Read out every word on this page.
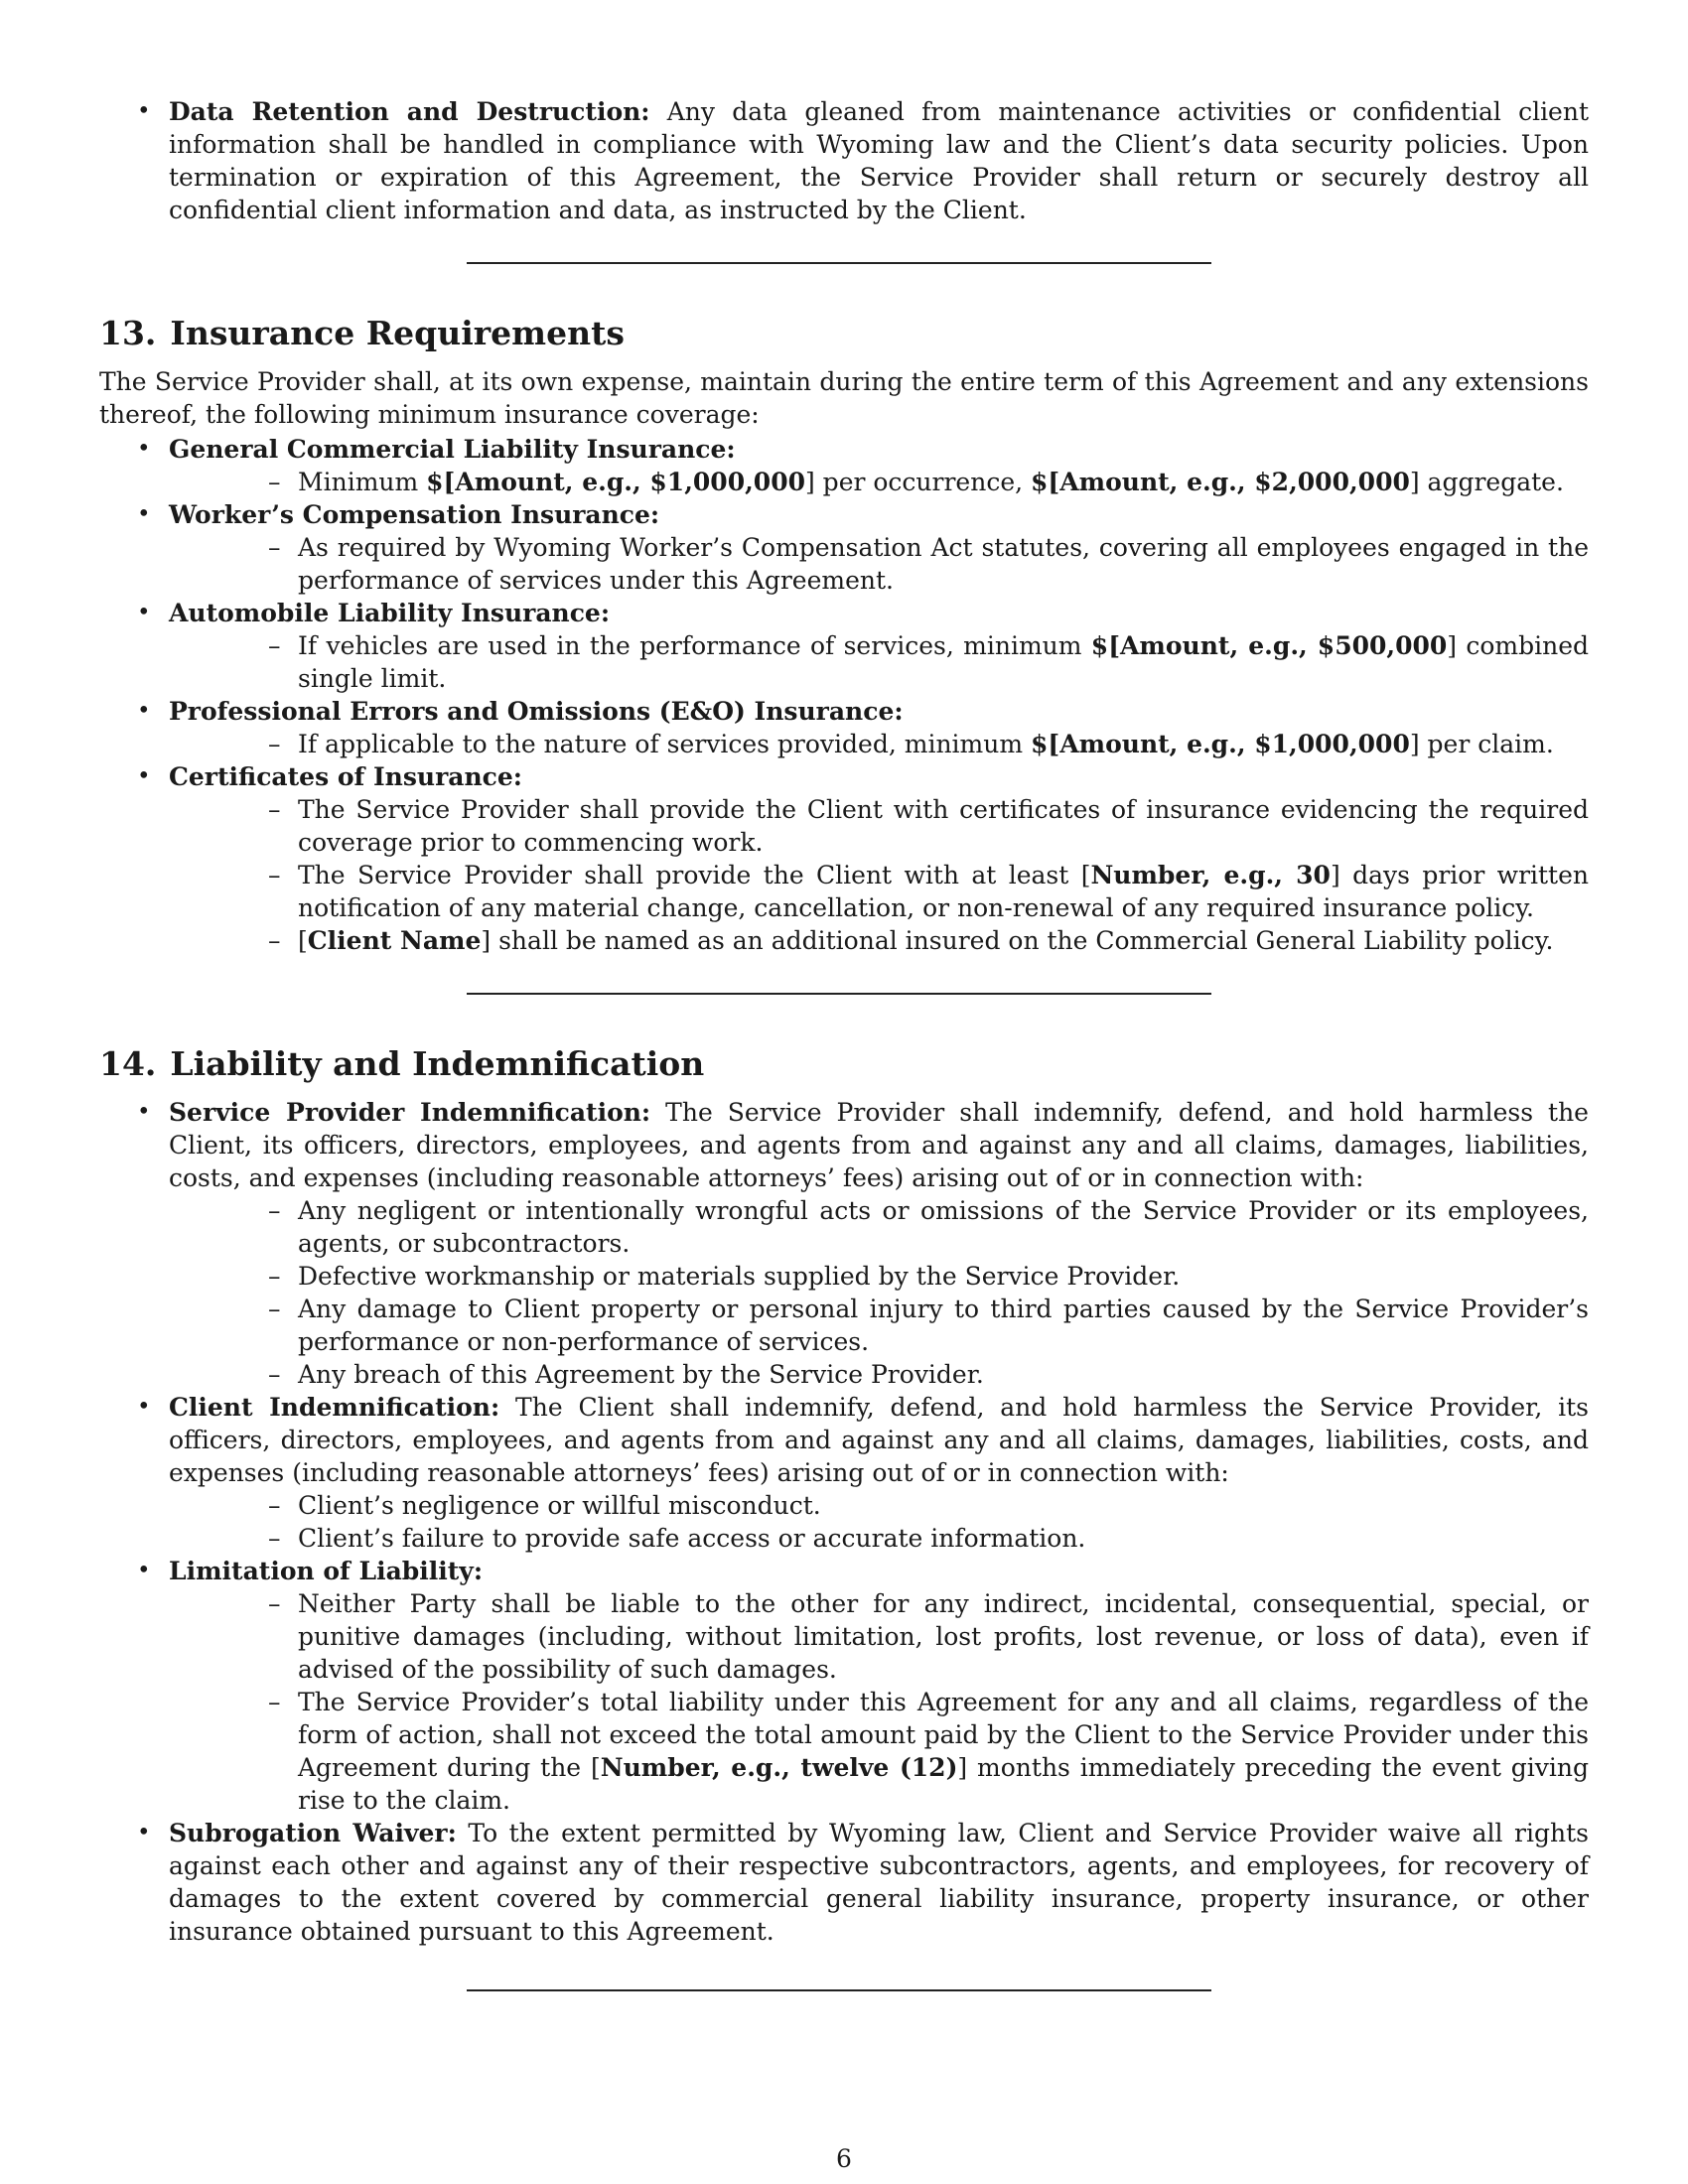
• Data Retention and Destruction: Any data gleaned from maintenance activities or confidential client information shall be handled in compliance with Wyoming law and the Client’s data security policies. Upon termination or expiration of this Agreement, the Service Provider shall return or securely destroy all confidential client information and data, as instructed by the Client.
13. Insurance Requirements

The Service Provider shall, at its own expense, maintain during the entire term of this Agreement and any extensions thereof, the following minimum insurance coverage:

• General Commercial Liability Insurance:
– Minimum $[Amount, e.g., $1,000,000] per occurrence, $[Amount, e.g., $2,000,000] aggregate.
• Worker’s Compensation Insurance:
– As required by Wyoming Worker’s Compensation Act statutes, covering all employees engaged in the performance of services under this Agreement.
• Automobile Liability Insurance:
– If vehicles are used in the performance of services, minimum $[Amount, e.g., $500,000] combined single limit.
• Professional Errors and Omissions (E&O) Insurance:
– If applicable to the nature of services provided, minimum $[Amount, e.g., $1,000,000] per claim.
• Certificates of Insurance:
– The Service Provider shall provide the Client with certificates of insurance evidencing the required coverage prior to commencing work.
– The Service Provider shall provide the Client with at least [Number, e.g., 30] days prior written notification of any material change, cancellation, or non-renewal of any required insurance policy.
– [Client Name] shall be named as an additional insured on the Commercial General Liability policy.
14. Liability and Indemnification
• Service Provider Indemnification: The Service Provider shall indemnify, defend, and hold harmless the Client, its officers, directors, employees, and agents from and against any and all claims, damages, liabilities, costs, and expenses (including reasonable attorneys’ fees) arising out of or in connection with:
– Any negligent or intentionally wrongful acts or omissions of the Service Provider or its employees, agents, or subcontractors.
– Defective workmanship or materials supplied by the Service Provider.
– Any damage to Client property or personal injury to third parties caused by the Service Provider’s performance or non-performance of services.
– Any breach of this Agreement by the Service Provider.
• Client Indemnification: The Client shall indemnify, defend, and hold harmless the Service Provider, its officers, directors, employees, and agents from and against any and all claims, damages, liabilities, costs, and expenses (including reasonable attorneys’ fees) arising out of or in connection with:
– Client’s negligence or willful misconduct.
– Client’s failure to provide safe access or accurate information.
• Limitation of Liability:
– Neither Party shall be liable to the other for any indirect, incidental, consequential, special, or punitive damages (including, without limitation, lost profits, lost revenue, or loss of data), even if advised of the possibility of such damages.
– The Service Provider’s total liability under this Agreement for any and all claims, regardless of the form of action, shall not exceed the total amount paid by the Client to the Service Provider under this Agreement during the [Number, e.g., twelve (12)] months immediately preceding the event giving rise to the claim.
• Subrogation Waiver: To the extent permitted by Wyoming law, Client and Service Provider waive all rights against each other and against any of their respective subcontractors, agents, and employees, for recovery of damages to the extent covered by commercial general liability insurance, property insurance, or other insurance obtained pursuant to this Agreement.
6
